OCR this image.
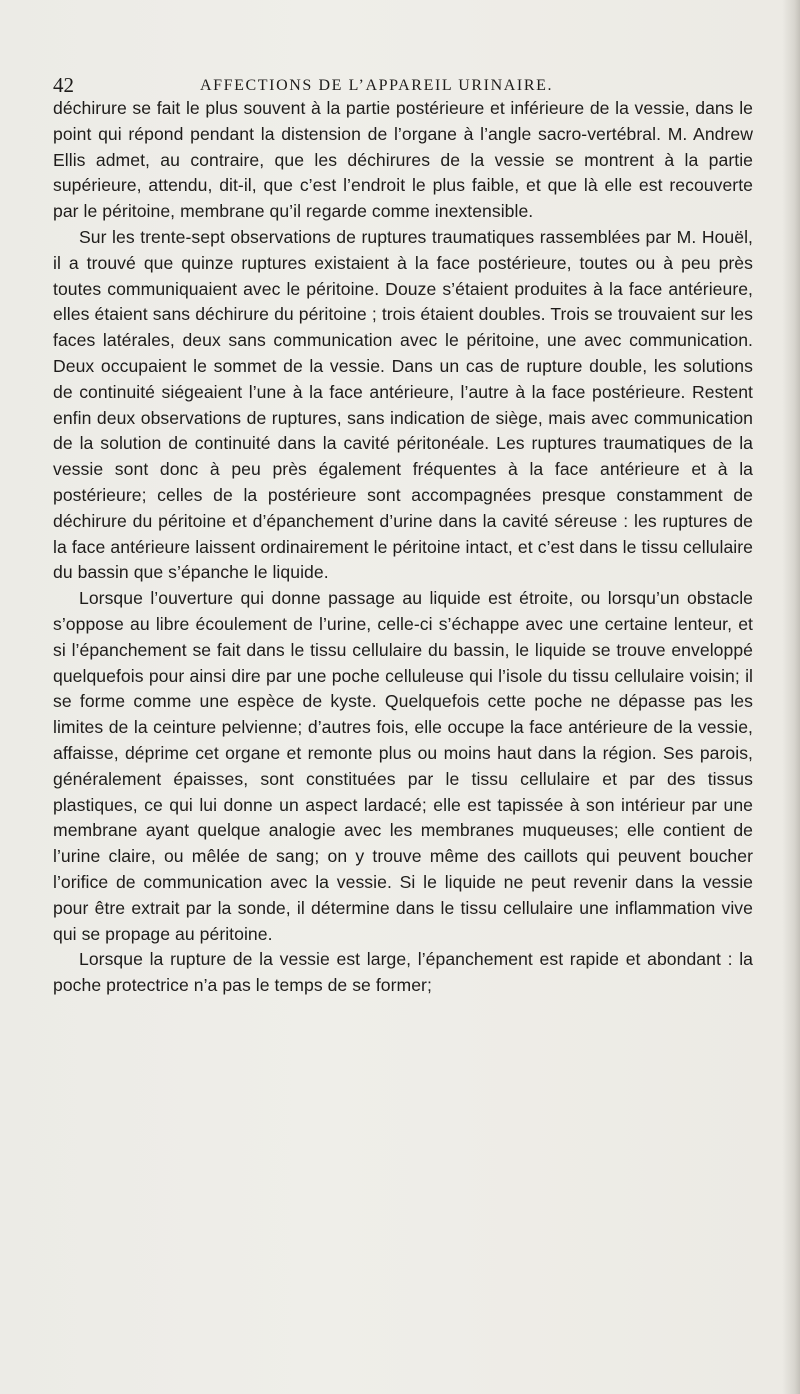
42	AFFECTIONS DE L’APPAREIL URINAIRE.

déchirure se fait le plus souvent à la partie postérieure et inférieure de la vessie, dans le point qui répond pendant la distension de l’organe à l’angle sacro-vertébral. M. Andrew Ellis admet, au contraire, que les déchirures de la vessie se montrent à la partie supérieure, attendu, dit-il, que c’est l’endroit le plus faible, et que là elle est recouverte par le péritoine, membrane qu’il regarde comme inextensible.

Sur les trente-sept observations de ruptures traumatiques rassemblées par M. Houël, il a trouvé que quinze ruptures existaient à la face postérieure, toutes ou à peu près toutes communiquaient avec le péritoine. Douze s’étaient produites à la face antérieure, elles étaient sans déchirure du péritoine ; trois étaient doubles. Trois se trouvaient sur les faces latérales, deux sans communication avec le péritoine, une avec communication. Deux occupaient le sommet de la vessie. Dans un cas de rupture double, les solutions de continuité siégeaient l’une à la face antérieure, l’autre à la face postérieure. Restent enfin deux observations de ruptures, sans indication de siège, mais avec communication de la solution de continuité dans la cavité péritonéale. Les ruptures traumatiques de la vessie sont donc à peu près également fréquentes à la face antérieure et à la postérieure; celles de la postérieure sont accompagnées presque constamment de déchirure du péritoine et d’épanchement d’urine dans la cavité séreuse : les ruptures de la face antérieure laissent ordinairement le péritoine intact, et c’est dans le tissu cellulaire du bassin que s’épanche le liquide.

Lorsque l’ouverture qui donne passage au liquide est étroite, ou lorsqu’un obstacle s’oppose au libre écoulement de l’urine, celle-ci s’échappe avec une certaine lenteur, et si l’épanchement se fait dans le tissu cellulaire du bassin, le liquide se trouve enveloppé quelquefois pour ainsi dire par une poche celluleuse qui l’isole du tissu cellulaire voisin; il se forme comme une espèce de kyste. Quelquefois cette poche ne dépasse pas les limites de la ceinture pelvienne; d’autres fois, elle occupe la face antérieure de la vessie, affaisse, déprime cet organe et remonte plus ou moins haut dans la région. Ses parois, généralement épaisses, sont constituées par le tissu cellulaire et par des tissus plastiques, ce qui lui donne un aspect lardacé; elle est tapissée à son intérieur par une membrane ayant quelque analogie avec les membranes muqueuses; elle contient de l’urine claire, ou mêlée de sang; on y trouve même des caillots qui peuvent boucher l’orifice de communication avec la vessie. Si le liquide ne peut revenir dans la vessie pour être extrait par la sonde, il détermine dans le tissu cellulaire une inflammation vive qui se propage au péritoine.

Lorsque la rupture de la vessie est large, l’épanchement est rapide et abondant : la poche protectrice n’a pas le temps de se former;
